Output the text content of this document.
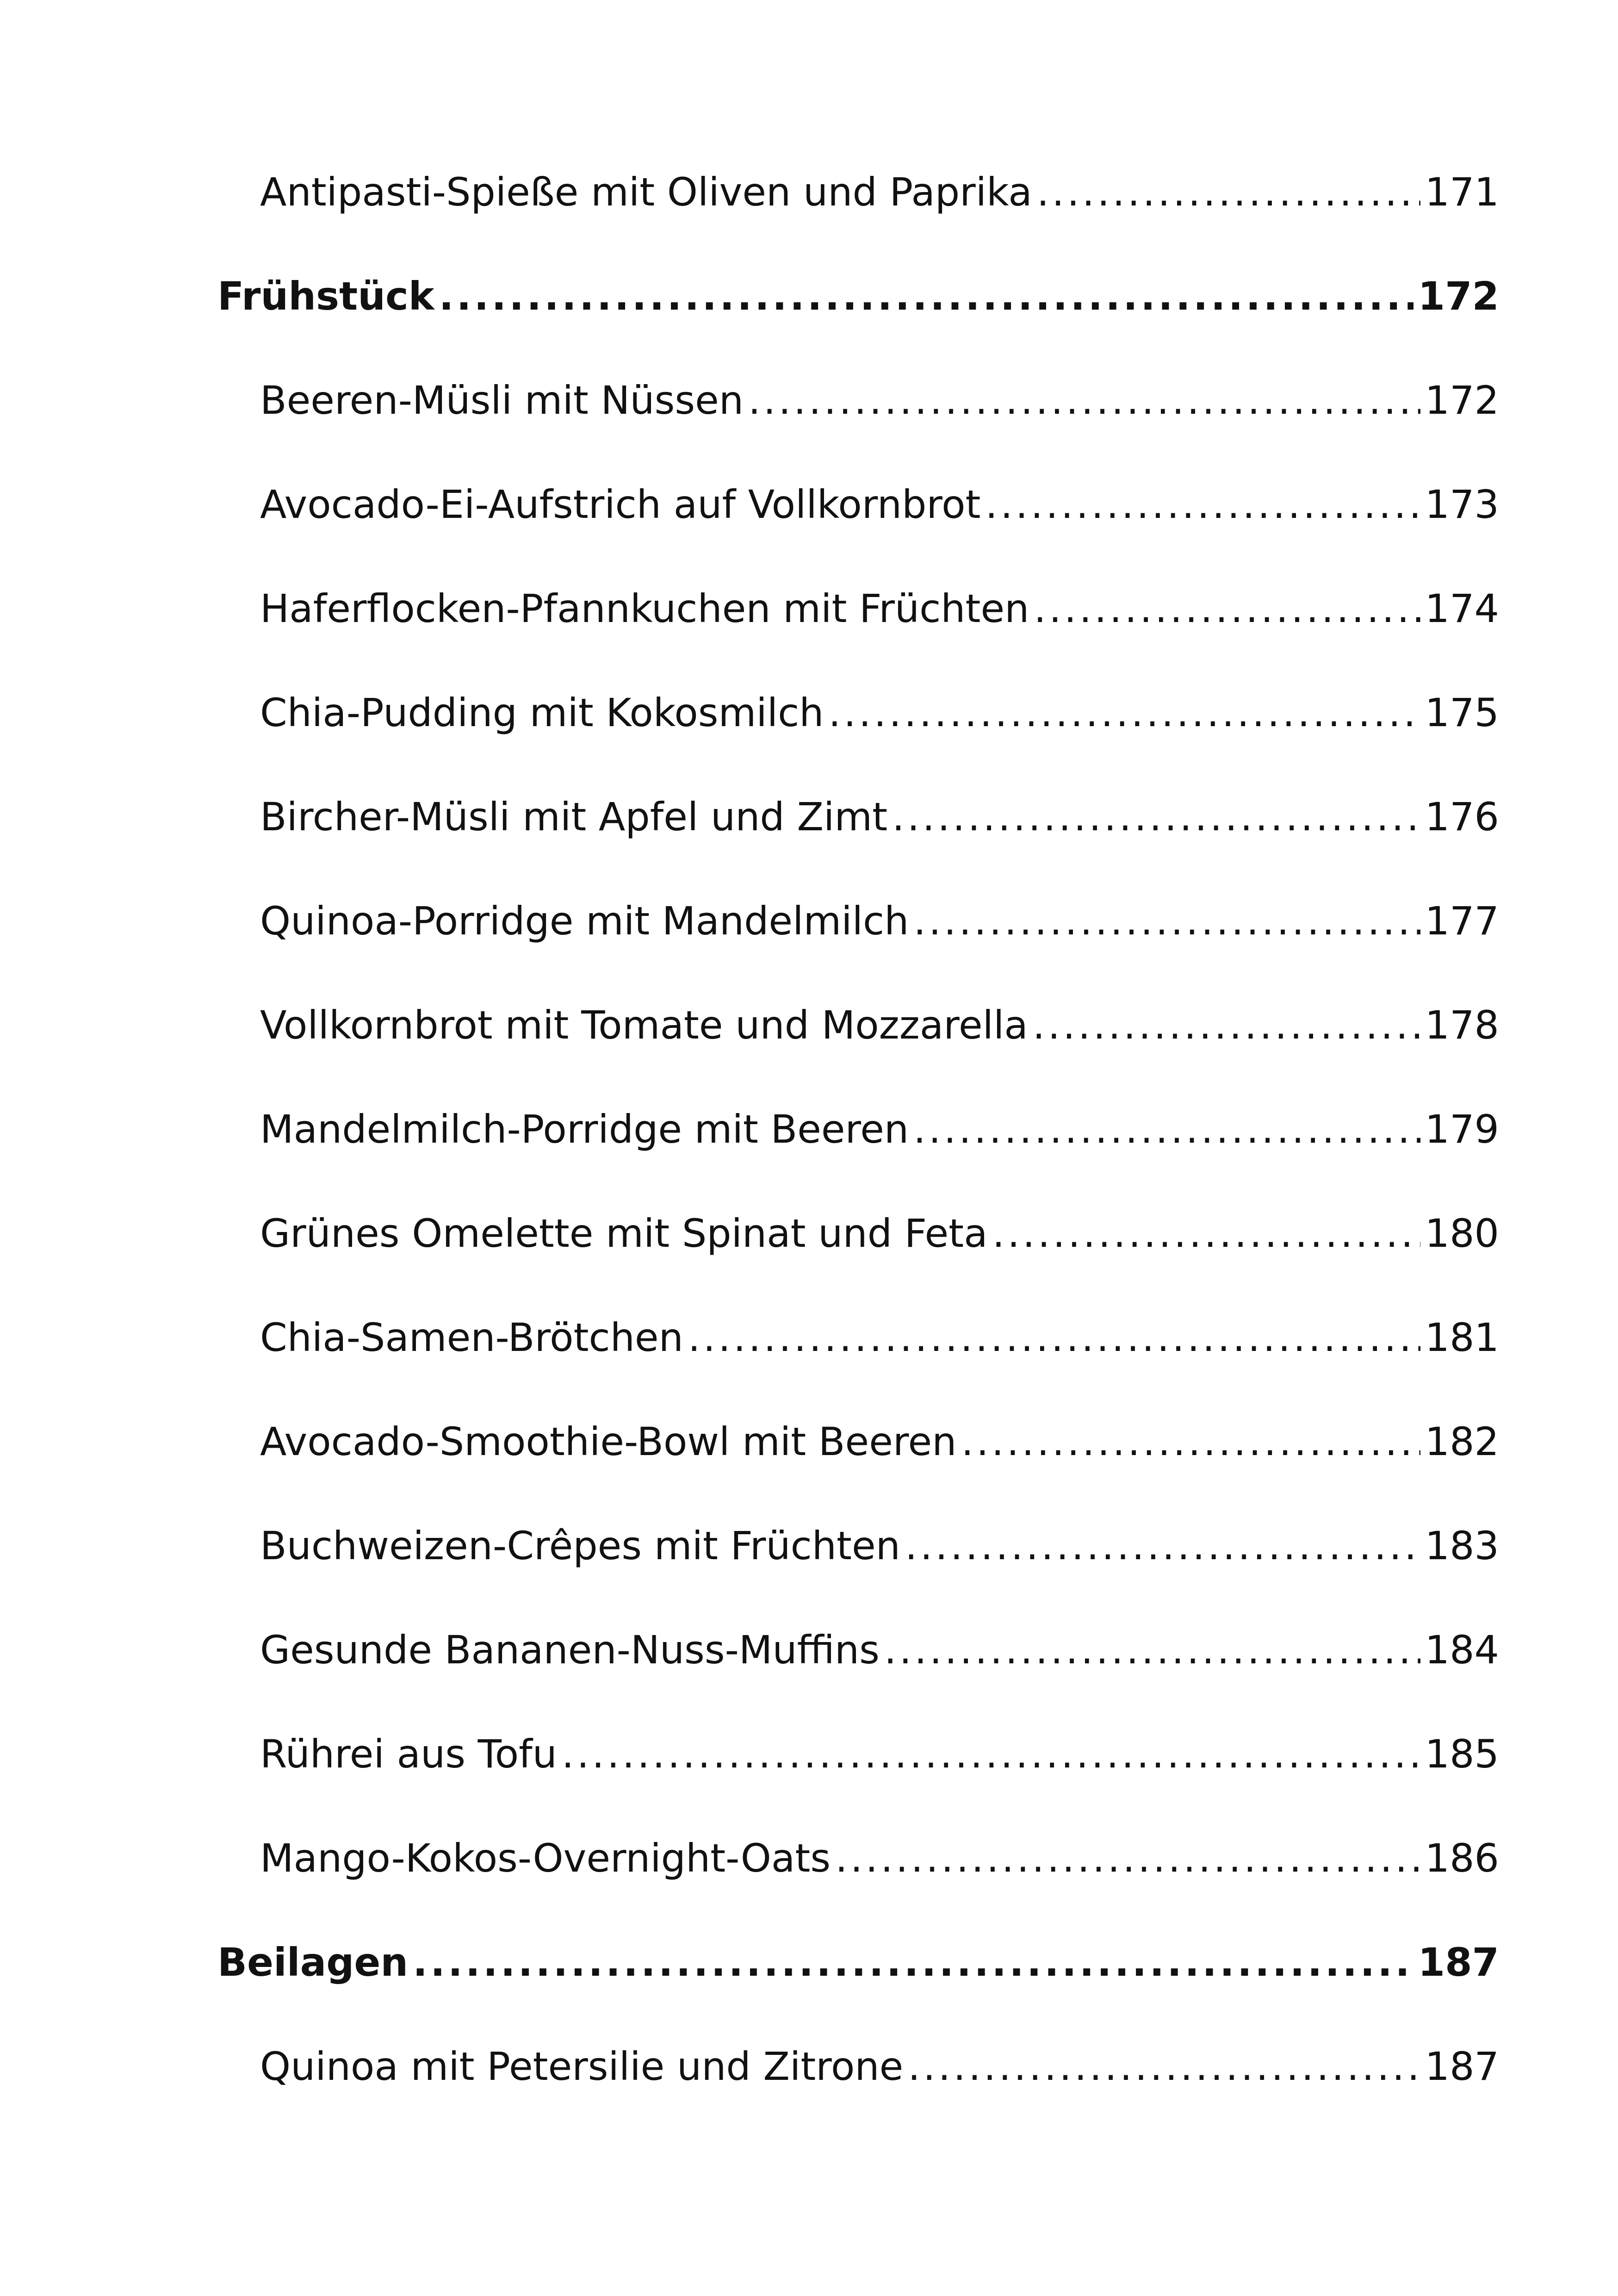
Antipasti-Spieße mit Oliven und Paprika .....	171
Frühstück .....	172
Beeren-Müsli mit Nüssen .....	172
Avocado-Ei-Aufstrich auf Vollkornbrot .....	173
Haferflocken-Pfannkuchen mit Früchten .....	174
Chia-Pudding mit Kokosmilch .....	175
Bircher-Müsli mit Apfel und Zimt .....	176
Quinoa-Porridge mit Mandelmilch .....	177
Vollkornbrot mit Tomate und Mozzarella .....	178
Mandelmilch-Porridge mit Beeren .....	179
Grünes Omelette mit Spinat und Feta .....	180
Chia-Samen-Brötchen .....	181
Avocado-Smoothie-Bowl mit Beeren .....	182
Buchweizen-Crêpes mit Früchten .....	183
Gesunde Bananen-Nuss-Muffins .....	184
Rührei aus Tofu .....	185
Mango-Kokos-Overnight-Oats .....	186
Beilagen .....	187
Quinoa mit Petersilie und Zitrone .....	187
